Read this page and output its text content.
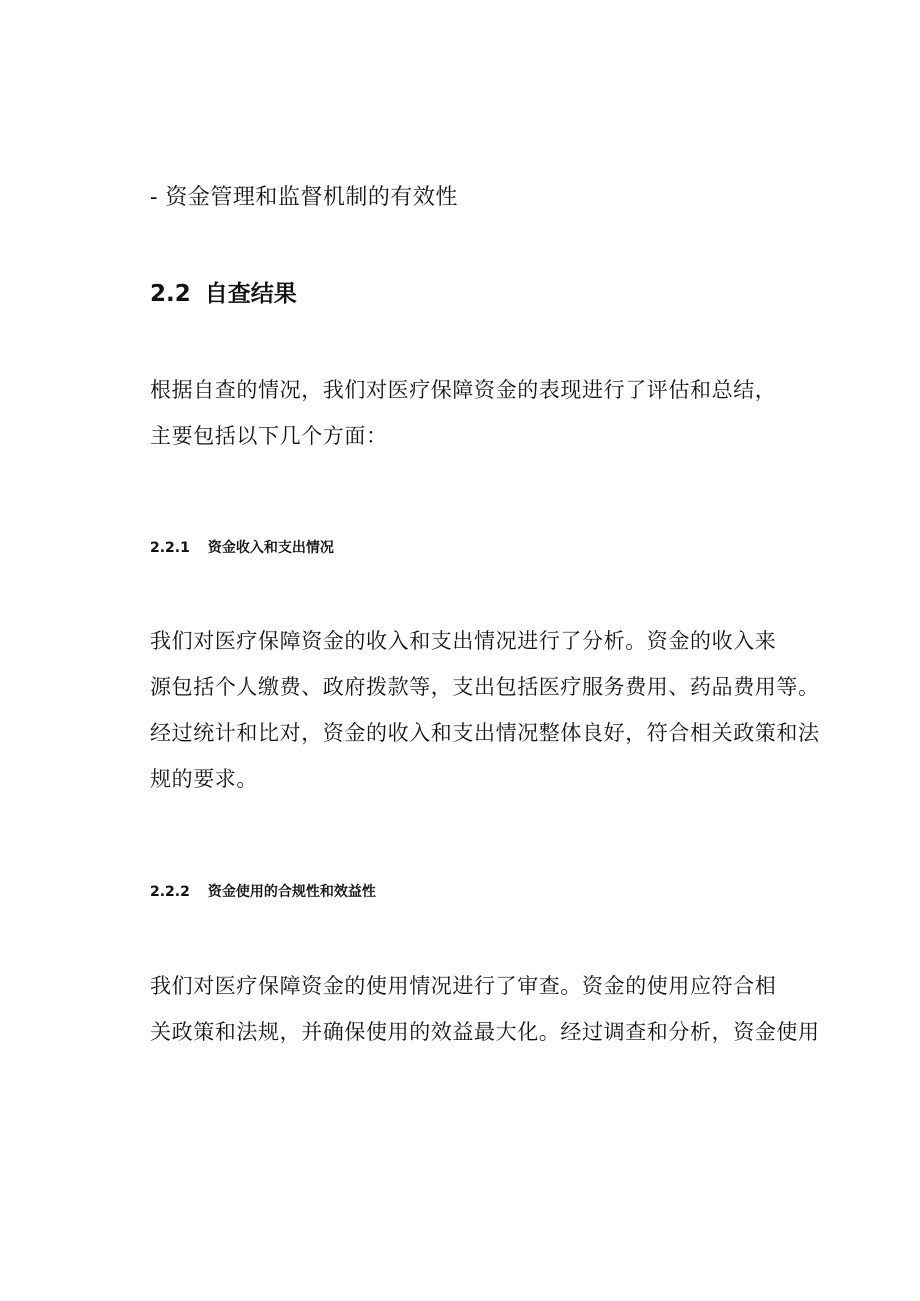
- 资金管理和监督机制的有效性

2.2 自查结果
根据自查的情况，我们对医疗保障资金的表现进行了评估和总结，
主要包括以下几个方面：
2.2.1 资金收入和支出情况
我们对医疗保障资金的收入和支出情况进行了分析。资金的收入来
源包括个人缴费、政府拨款等，支出包括医疗服务费用、药品费用等。
经过统计和比对，资金的收入和支出情况整体良好，符合相关政策和法
规的要求。
2.2.2 资金使用的合规性和效益性
我们对医疗保障资金的使用情况进行了审查。资金的使用应符合相
关政策和法规，并确保使用的效益最大化。经过调查和分析，资金使用
